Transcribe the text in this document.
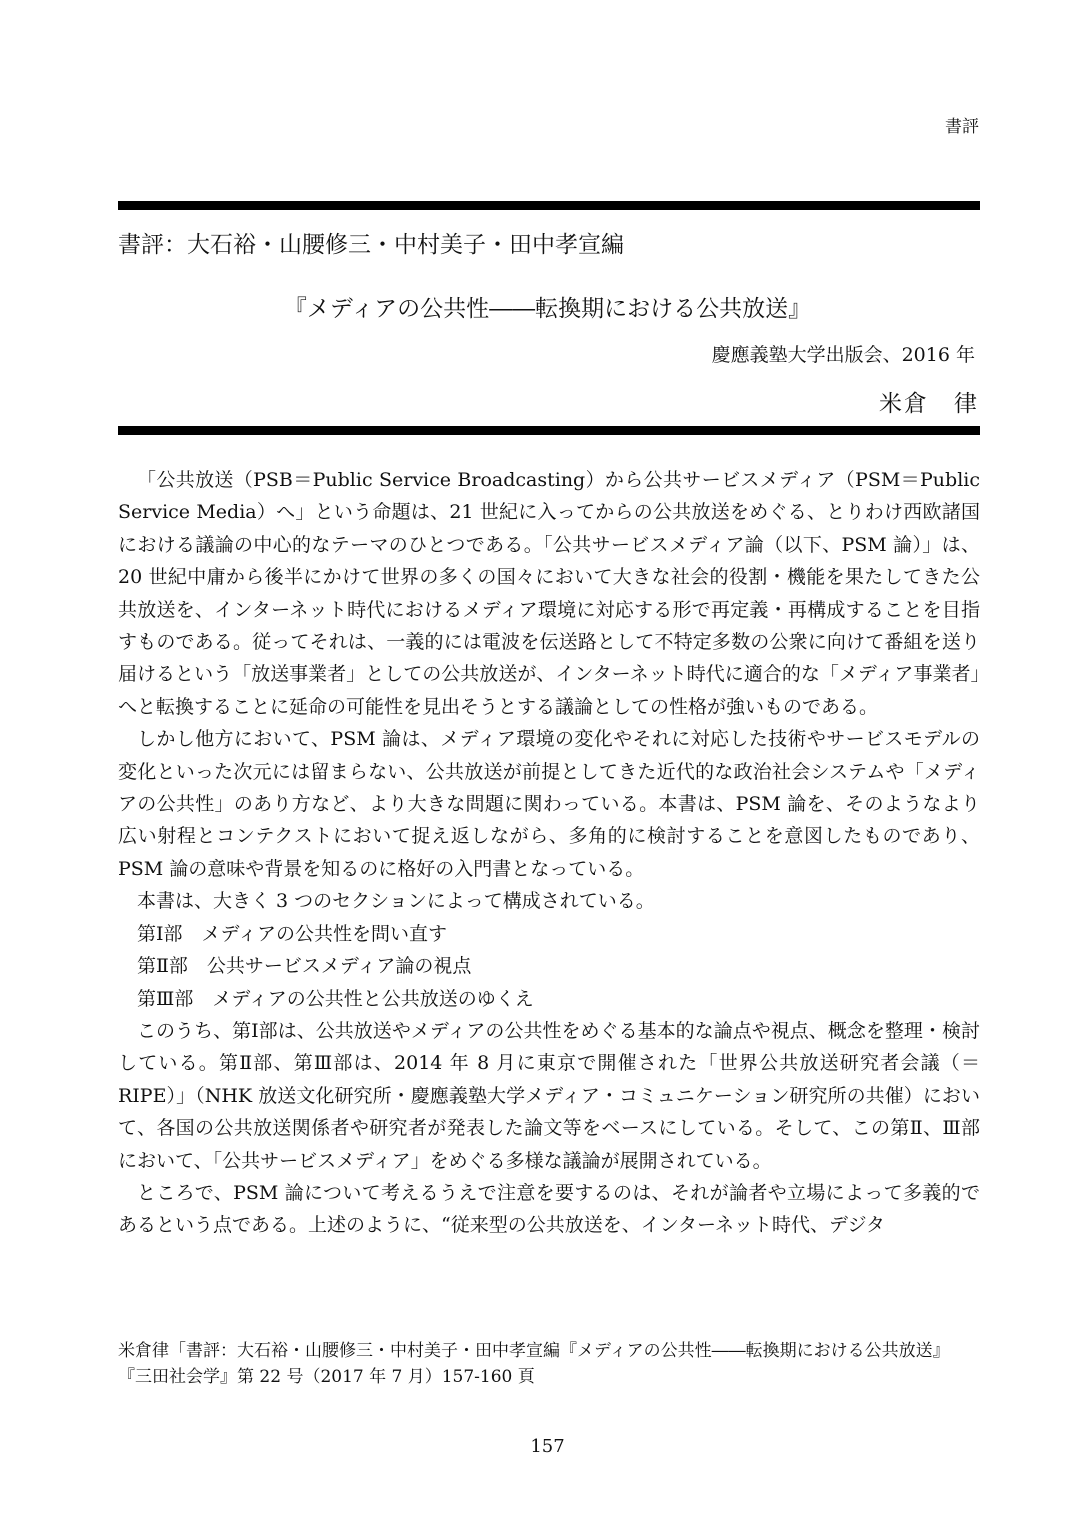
書評
書評：大石裕・山腰修三・中村美子・田中孝宣編
『メディアの公共性――転換期における公共放送』
慶應義塾大学出版会、2016 年
米倉　律

「公共放送（PSB＝Public Service Broadcasting）から公共サービスメディア（PSM＝Public Service Media）へ」という命題は、21 世紀に入ってからの公共放送をめぐる、とりわけ西欧諸国における議論の中心的なテーマのひとつである。「公共サービスメディア論（以下、PSM 論）」は、20 世紀中庸から後半にかけて世界の多くの国々において大きな社会的役割・機能を果たしてきた公共放送を、インターネット時代におけるメディア環境に対応する形で再定義・再構成することを目指すものである。従ってそれは、一義的には電波を伝送路として不特定多数の公衆に向けて番組を送り届けるという「放送事業者」としての公共放送が、インターネット時代に適合的な「メディア事業者」へと転換することに延命の可能性を見出そうとする議論としての性格が強いものである。

しかし他方において、PSM 論は、メディア環境の変化やそれに対応した技術やサービスモデルの変化といった次元には留まらない、公共放送が前提としてきた近代的な政治社会システムや「メディアの公共性」のあり方など、より大きな問題に関わっている。本書は、PSM 論を、そのようなより広い射程とコンテクストにおいて捉え返しながら、多角的に検討することを意図したものであり、PSM 論の意味や背景を知るのに格好の入門書となっている。

本書は、大きく 3 つのセクションによって構成されている。

第Ⅰ部　メディアの公共性を問い直す

第Ⅱ部　公共サービスメディア論の視点

第Ⅲ部　メディアの公共性と公共放送のゆくえ

このうち、第Ⅰ部は、公共放送やメディアの公共性をめぐる基本的な論点や視点、概念を整理・検討している。第Ⅱ部、第Ⅲ部は、2014 年 8 月に東京で開催された「世界公共放送研究者会議（＝RIPE）」（NHK 放送文化研究所・慶應義塾大学メディア・コミュニケーション研究所の共催）において、各国の公共放送関係者や研究者が発表した論文等をベースにしている。そして、この第Ⅱ、Ⅲ部において、「公共サービスメディア」をめぐる多様な議論が展開されている。

ところで、PSM 論について考えるうえで注意を要するのは、それが論者や立場によって多義的であるという点である。上述のように、“従来型の公共放送を、インターネット時代、デジタ

米倉律「書評：大石裕・山腰修三・中村美子・田中孝宣編『メディアの公共性――転換期における公共放送』
『三田社会学』第 22 号（2017 年 7 月）157-160 頁
157
